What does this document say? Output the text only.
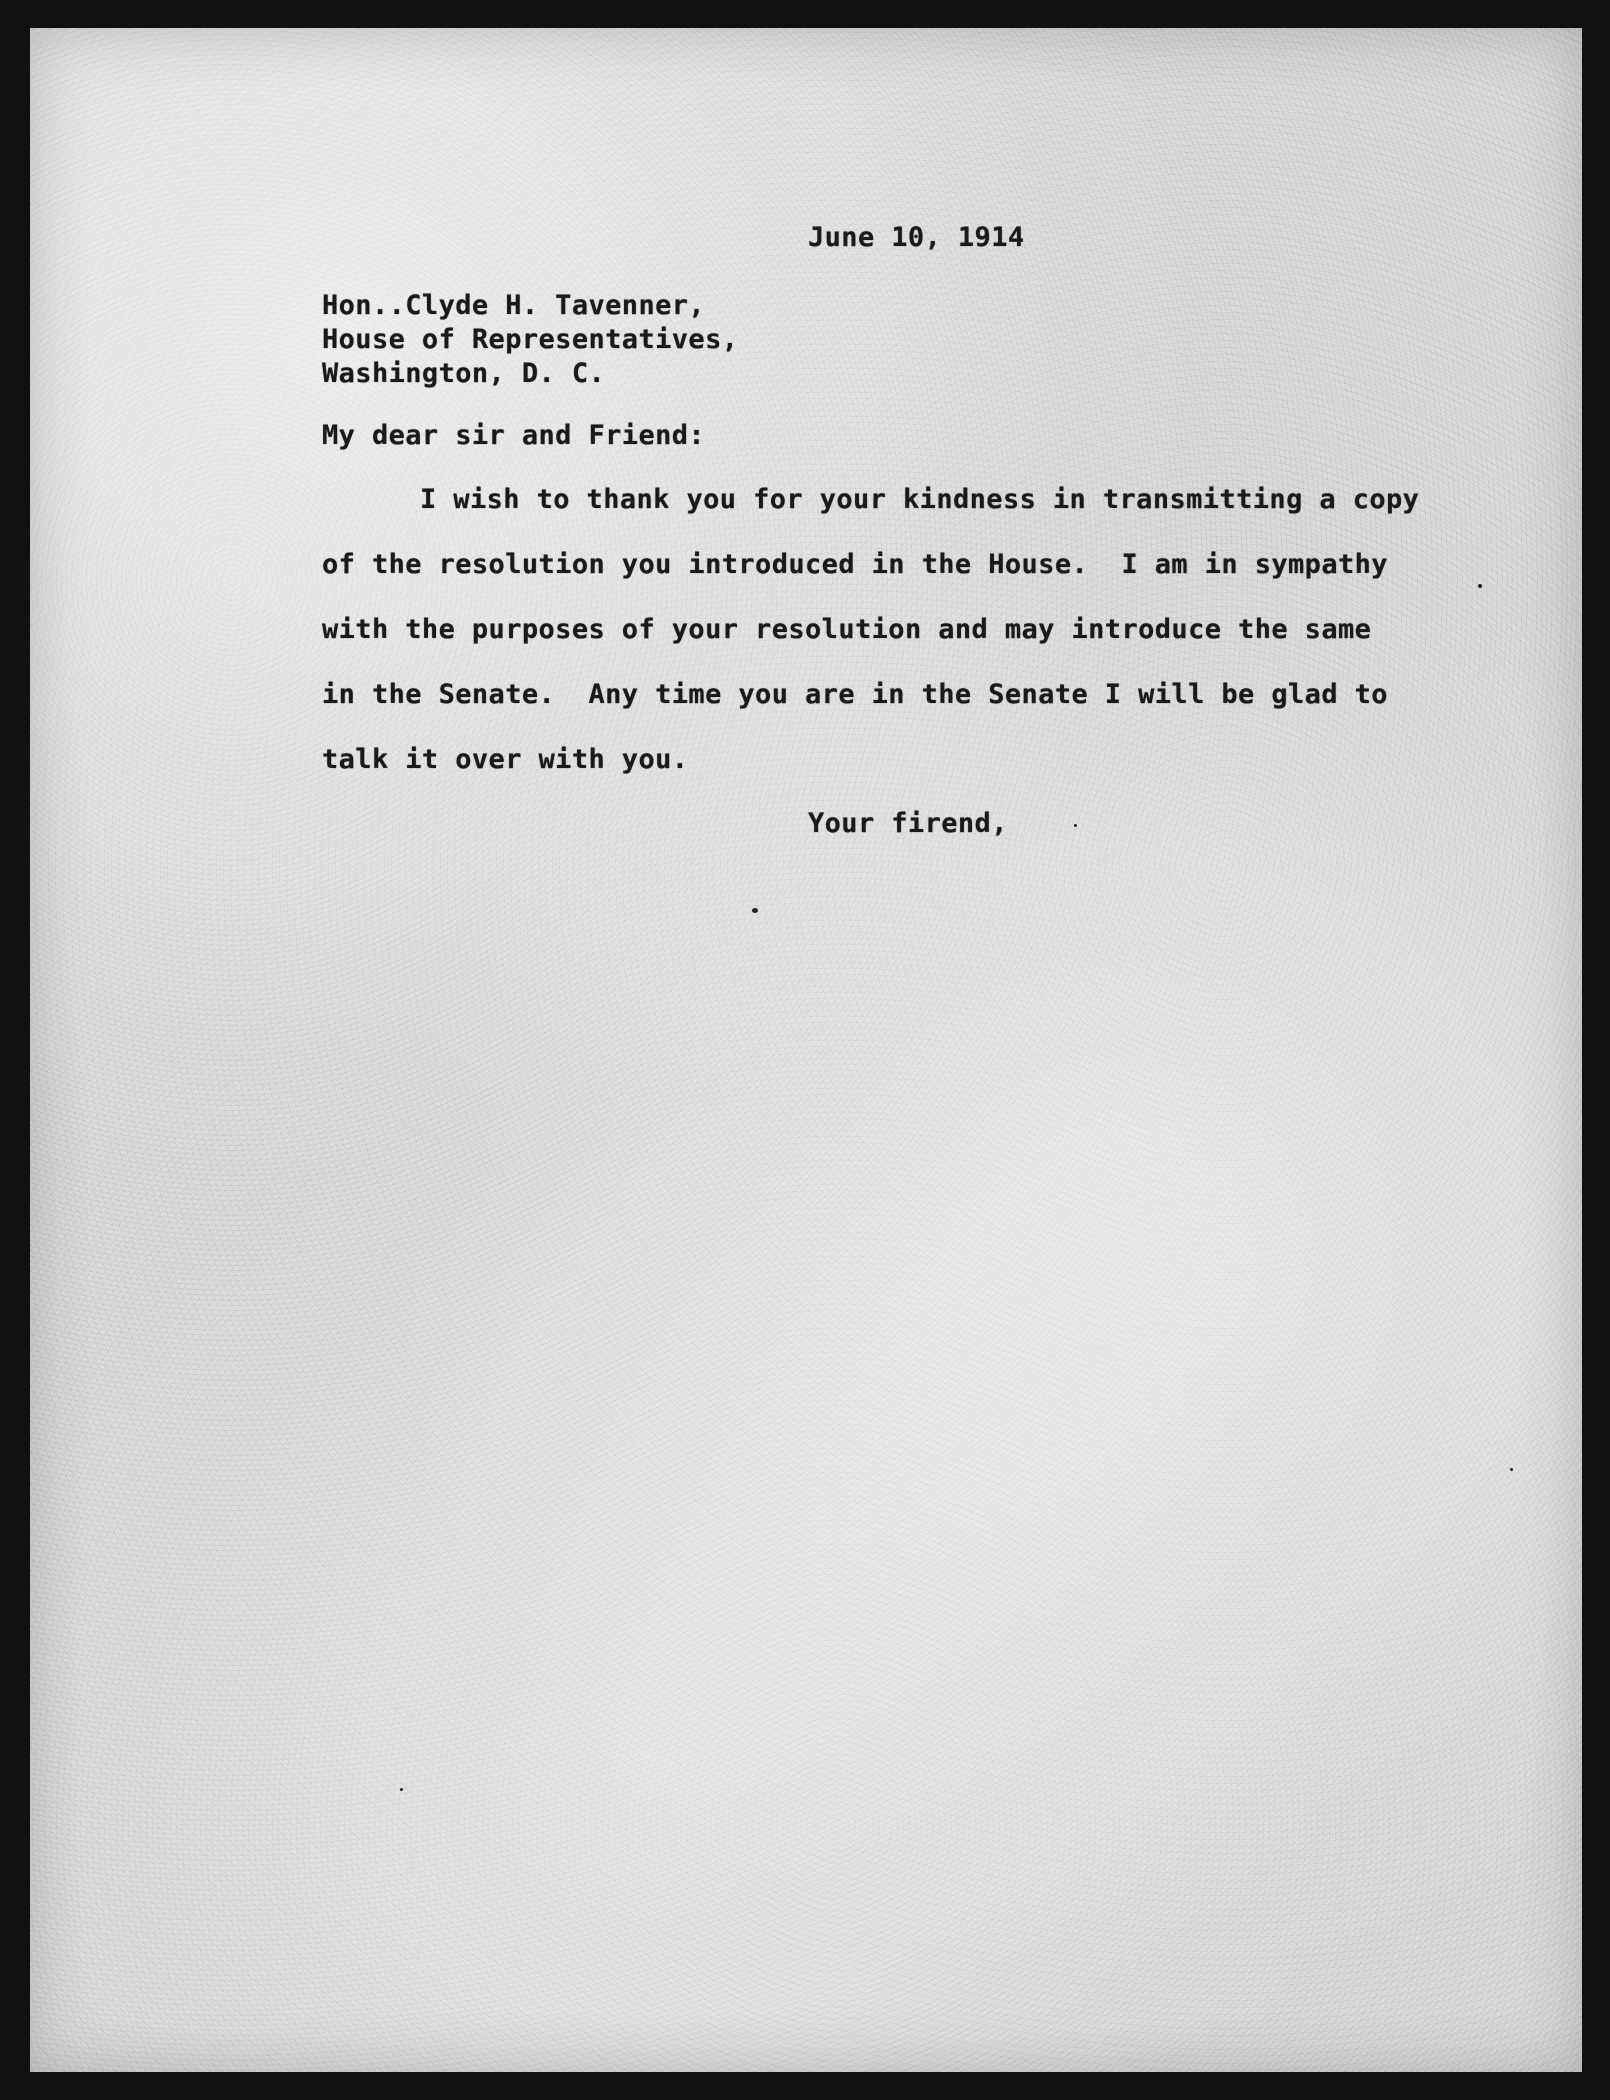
June 10, 1914
Hon..Clyde H. Tavenner,
House of Representatives,
Washington, D. C.
My dear sir and Friend:
I wish to thank you for your kindness in transmitting a copy
of the resolution you introduced in the House.  I am in sympathy
with the purposes of your resolution and may introduce the same
in the Senate.  Any time you are in the Senate I will be glad to
talk it over with you.
Your firend,
